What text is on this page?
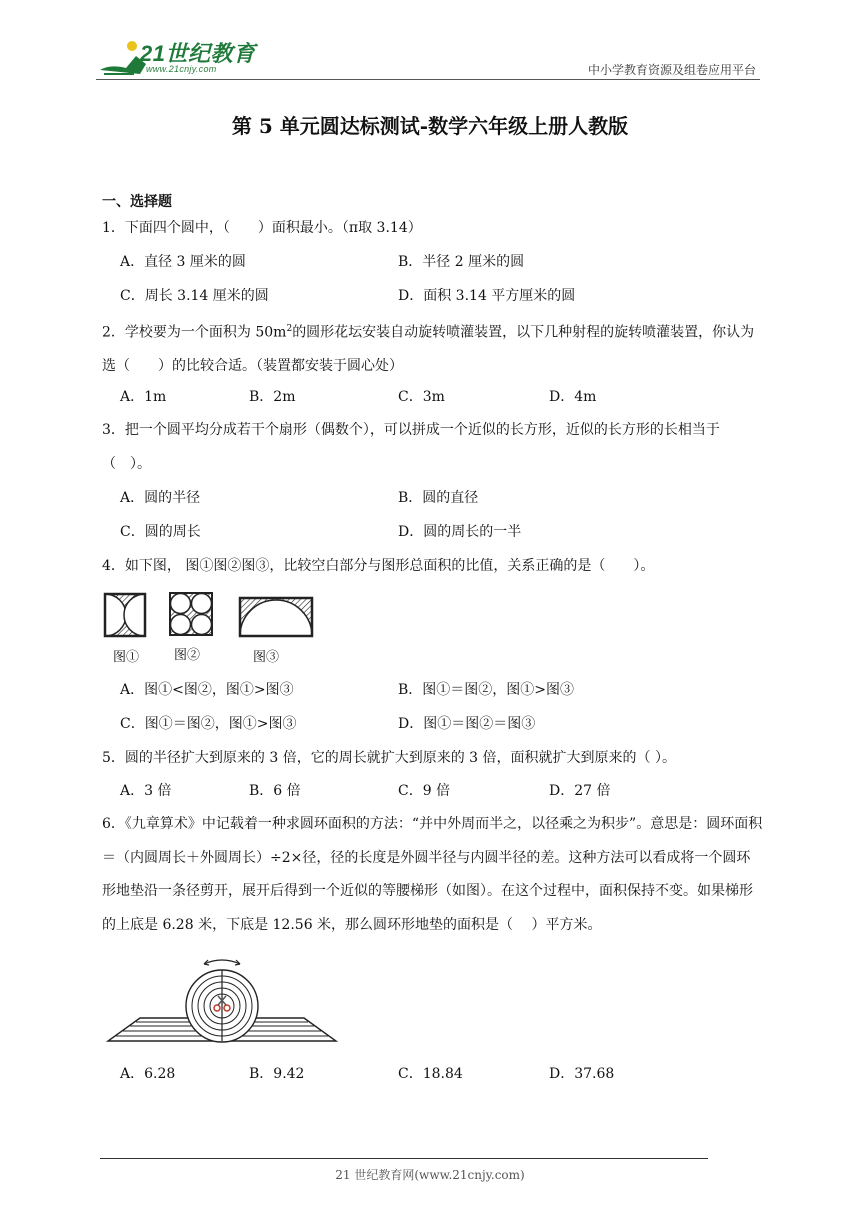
21世纪教育
www.21cnjy.com	中小学教育资源及组卷应用平台
第 5 单元圆达标测试-数学六年级上册人教版
一、选择题
1．下面四个圆中，（　　）面积最小。（π取 3.14）
A．直径 3 厘米的圆	B．半径 2 厘米的圆
C．周长 3.14 厘米的圆	D．面积 3.14 平方厘米的圆
2．学校要为一个面积为 $50m^2$的圆形花坛安装自动旋转喷灌装置，以下几种射程的旋转喷灌装置，你认为选（　　）的比较合适。（装置都安装于圆心处）
A．1m	B．2m	C．3m	D．4m
3．把一个圆平均分成若干个扇形（偶数个），可以拼成一个近似的长方形，近似的长方形的长相当于（　）。
A．圆的半径	B．圆的直径
C．圆的周长	D．圆的周长的一半
4．如下图， 图①图②图③，比较空白部分与图形总面积的比值，关系正确的是（　　）。
图①	图②	图③
A．图①<图②，图①>图③	B．图①＝图②，图①>图③
C．图①＝图②，图①>图③	D．图①＝图②＝图③
5．圆的半径扩大到原来的 3 倍，它的周长就扩大到原来的 3 倍，面积就扩大到原来的（ ）。
A．3 倍	B．6 倍	C．9 倍	D．27 倍
6．《九章算术》中记载着一种求圆环面积的方法：“并中外周而半之，以径乘之为积步”。意思是：圆环面积＝（内圆周长＋外圆周长）÷2×径，径的长度是外圆半径与内圆半径的差。这种方法可以看成将一个圆环形地垫沿一条径剪开，展开后得到一个近似的等腰梯形（如图）。在这个过程中，面积保持不变。如果梯形的上底是 6.28 米，下底是 12.56 米，那么圆环形地垫的面积是（　 ）平方米。
A．6.28	B．9.42	C．18.84	D．37.68
21 世纪教育网(www.21cnjy.com)
